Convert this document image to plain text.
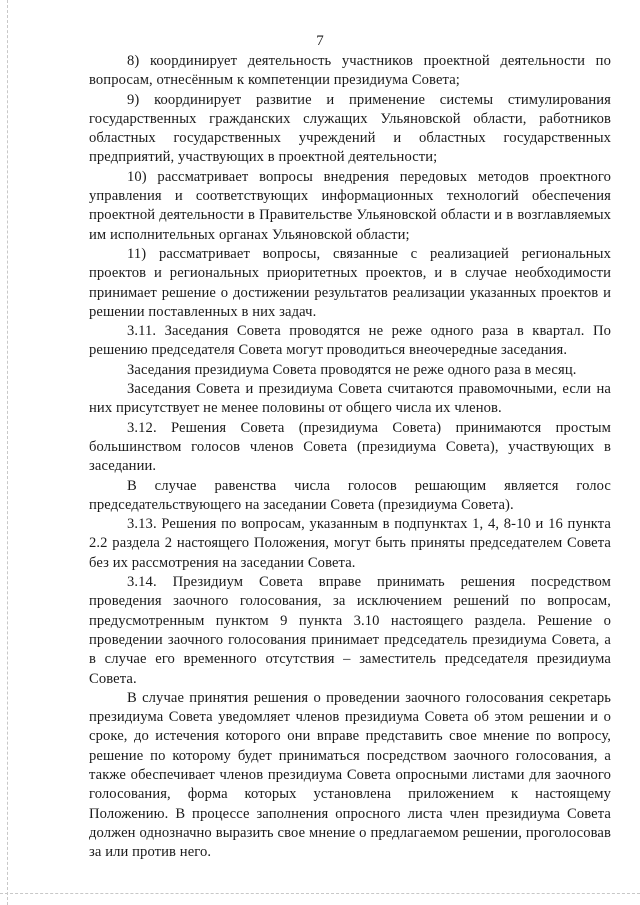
7

8) координирует деятельность участников проектной деятельности по вопросам, отнесённым к компетенции президиума Совета;

9) координирует развитие и применение системы стимулирования государственных гражданских служащих Ульяновской области, работников областных государственных учреждений и областных государственных предприятий, участвующих в проектной деятельности;

10) рассматривает вопросы внедрения передовых методов проектного управления и соответствующих информационных технологий обеспечения проектной деятельности в Правительстве Ульяновской области и в возглавляемых им исполнительных органах Ульяновской области;

11) рассматривает вопросы, связанные с реализацией региональных проектов и региональных приоритетных проектов, и в случае необходимости принимает решение о достижении результатов реализации указанных проектов и решении поставленных в них задач.

3.11. Заседания Совета проводятся не реже одного раза в квартал. По решению председателя Совета могут проводиться внеочередные заседания.

Заседания президиума Совета проводятся не реже одного раза в месяц.

Заседания Совета и президиума Совета считаются правомочными, если на них присутствует не менее половины от общего числа их членов.

3.12. Решения Совета (президиума Совета) принимаются простым большинством голосов членов Совета (президиума Совета), участвующих в заседании.

В случае равенства числа голосов решающим является голос председательствующего на заседании Совета (президиума Совета).

3.13. Решения по вопросам, указанным в подпунктах 1, 4, 8-10 и 16 пункта 2.2 раздела 2 настоящего Положения, могут быть приняты председателем Совета без их рассмотрения на заседании Совета.

3.14. Президиум Совета вправе принимать решения посредством проведения заочного голосования, за исключением решений по вопросам, предусмотренным пунктом 9 пункта 3.10 настоящего раздела. Решение о проведении заочного голосования принимает председатель президиума Совета, а в случае его временного отсутствия – заместитель председателя президиума Совета.

В случае принятия решения о проведении заочного голосования секретарь президиума Совета уведомляет членов президиума Совета об этом решении и о сроке, до истечения которого они вправе представить свое мнение по вопросу, решение по которому будет приниматься посредством заочного голосования, а также обеспечивает членов президиума Совета опросными листами для заочного голосования, форма которых установлена приложением к настоящему Положению. В процессе заполнения опросного листа член президиума Совета должен однозначно выразить свое мнение о предлагаемом решении, проголосовав за или против него.
